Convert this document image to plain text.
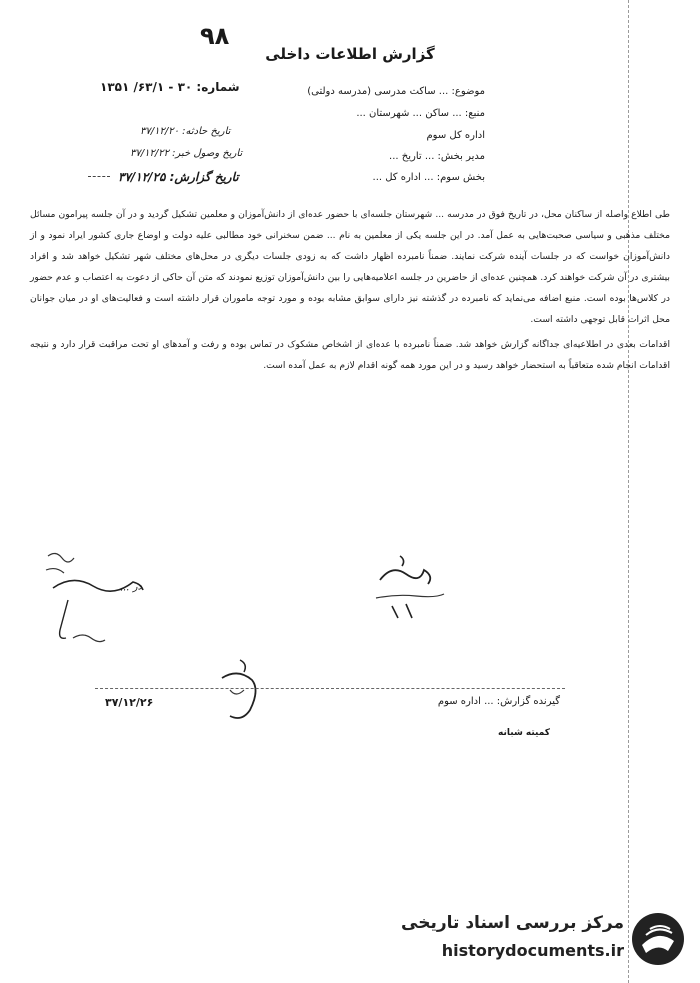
۹۸
گزارش اطلاعات داخلی
شماره: ۳۰ - ۶۳/۱/ ۱۳۵۱	موضوع: ... ساکت مدرسی (مدرسه دولتی)
منبع: ... ساکن ... شهرستان ...
اداره کل سوم
مدیر بخش: ... تاریخ ...
بخش سوم: ... اداره کل ...
تاریخ حادثه: ۳۷/۱۲/۲۰
تاریخ وصول خبر: ۳۷/۱۲/۲۲
تاریخ گزارش: ۳۷/۱۲/۲۵

طی اطلاع واصله از ساکنان محل، در تاریخ فوق در مدرسه ... شهرستان جلسه‌ای با حضور عده‌ای از دانش‌آموزان و معلمین تشکیل گردید و در آن جلسه پیرامون مسائل مختلف مذهبی و سیاسی صحبت‌هایی به عمل آمد. در این جلسه یکی از معلمین به نام ... ضمن سخنرانی خود مطالبی علیه دولت و اوضاع جاری کشور ایراد نمود و از دانش‌آموزان خواست که در جلسات آینده شرکت نمایند. ضمناً نامبرده اظهار داشت که به زودی جلسات دیگری در محل‌های مختلف شهر تشکیل خواهد شد و افراد بیشتری در آن شرکت خواهند کرد. همچنین عده‌ای از حاضرین در جلسه اعلامیه‌هایی را بین دانش‌آموزان توزیع نمودند که متن آن حاکی از دعوت به اعتصاب و عدم حضور در کلاس‌ها بوده است. منبع اضافه می‌نماید که نامبرده در گذشته نیز دارای سوابق مشابه بوده و مورد توجه ماموران قرار داشته است و فعالیت‌های او در میان جوانان محل اثرات قابل توجهی داشته است.

اقدامات بعدی در اطلاعیه‌ای جداگانه گزارش خواهد شد. ضمناً نامبرده با عده‌ای از اشخاص مشکوک در تماس بوده و رفت و آمدهای او تحت مراقبت قرار دارد و نتیجه اقدامات انجام شده متعاقباً به استحضار خواهد رسید و در این مورد همه گونه اقدام لازم به عمل آمده است.

در ...
۳۷/۱۲/۲۶	گیرنده گزارش: ... اداره سوم
کمیته شبانه
مرکز بررسی اسناد تاریخی
historydocuments.ir
